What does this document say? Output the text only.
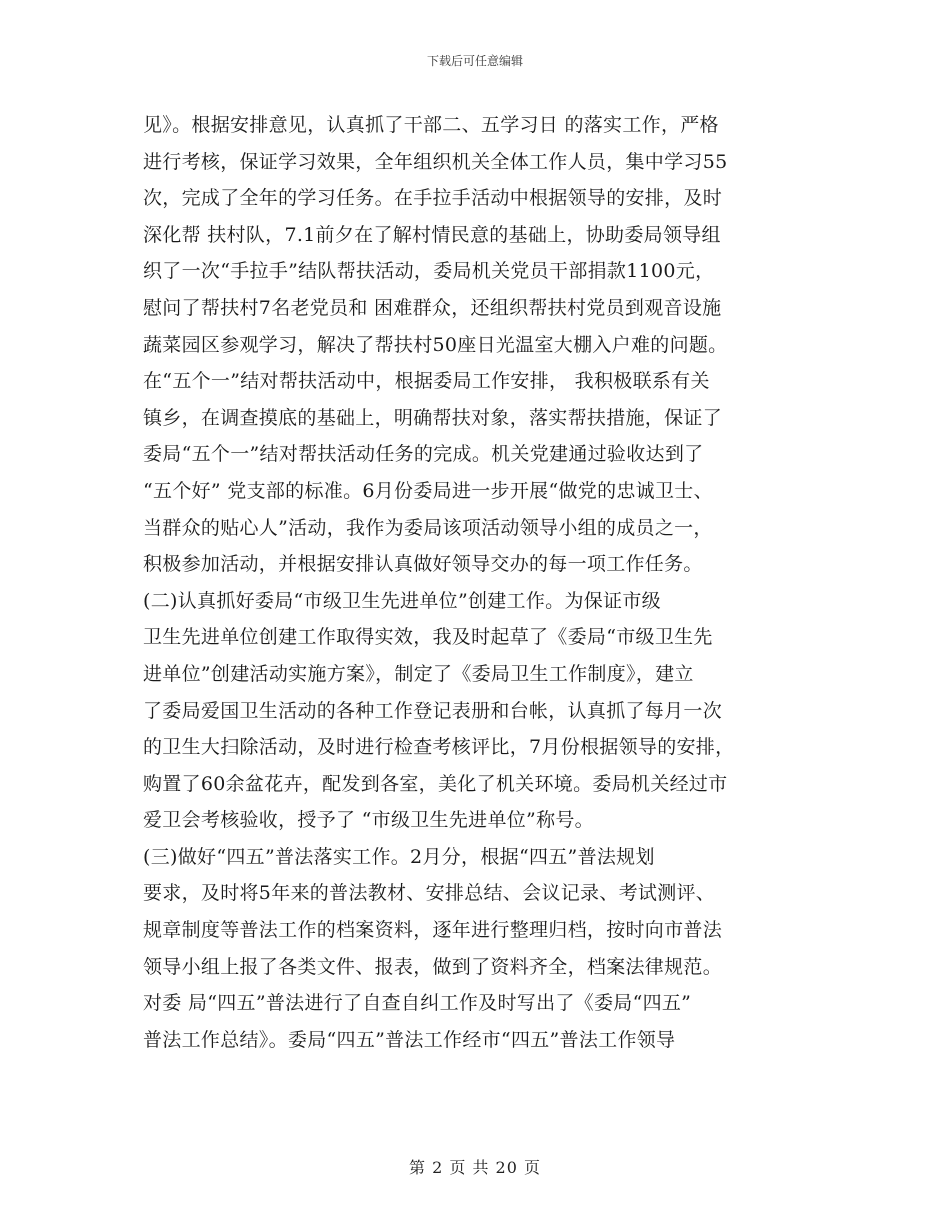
下载后可任意编辑

见》。根据安排意见，认真抓了干部二、五学习日 的落实工作，严格
进行考核，保证学习效果，全年组织机关全体工作人员，集中学习55
次，完成了全年的学习任务。在手拉手活动中根据领导的安排，及时
深化帮 扶村队，7.1前夕在了解村情民意的基础上，协助委局领导组
织了一次“手拉手”结队帮扶活动，委局机关党员干部捐款1100元，
慰问了帮扶村7名老党员和 困难群众，还组织帮扶村党员到观音设施
蔬菜园区参观学习，解决了帮扶村50座日光温室大棚入户难的问题。
在“五个一”结对帮扶活动中，根据委局工作安排， 我积极联系有关
镇乡，在调查摸底的基础上，明确帮扶对象，落实帮扶措施，保证了
委局“五个一”结对帮扶活动任务的完成。机关党建通过验收达到了
“五个好” 党支部的标准。6月份委局进一步开展“做党的忠诚卫士、
当群众的贴心人”活动，我作为委局该项活动领导小组的成员之一，
积极参加活动，并根据安排认真做好领导交办的每一项工作任务。

(二)认真抓好委局“市级卫生先进单位”创建工作。为保证市级
卫生先进单位创建工作取得实效，我及时起草了《委局“市级卫生先
进单位”创建活动实施方案》，制定了《委局卫生工作制度》，建立
了委局爱国卫生活动的各种工作登记表册和台帐，认真抓了每月一次
的卫生大扫除活动，及时进行检查考核评比，7月份根据领导的安排，
购置了60余盆花卉，配发到各室，美化了机关环境。委局机关经过市
爱卫会考核验收，授予了 “市级卫生先进单位”称号。

(三)做好“四五”普法落实工作。2月分，根据“四五”普法规划
要求，及时将5年来的普法教材、安排总结、会议记录、考试测评、
规章制度等普法工作的档案资料，逐年进行整理归档，按时向市普法
领导小组上报了各类文件、报表，做到了资料齐全，档案法律规范。
对委 局“四五”普法进行了自查自纠工作及时写出了《委局“四五”
普法工作总结》。委局“四五”普法工作经市“四五”普法工作领导

第 2 页 共 20 页
